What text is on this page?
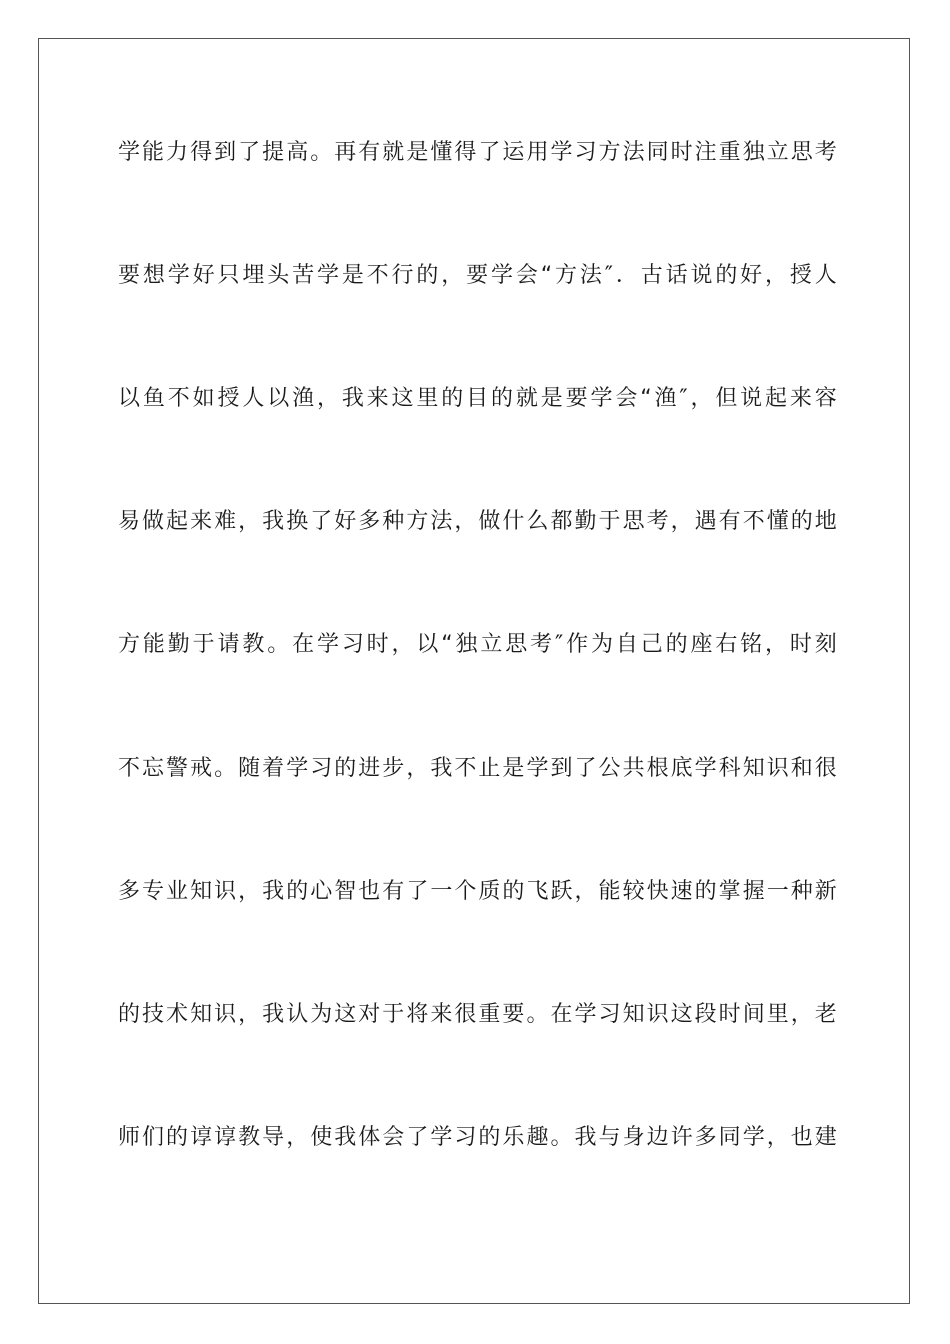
学能力得到了提高。再有就是懂得了运用学习方法同时注重独立思考
要想学好只埋头苦学是不行的，要学会“方法″．古话说的好，授人
以鱼不如授人以渔，我来这里的目的就是要学会“渔″，但说起来容
易做起来难，我换了好多种方法，做什么都勤于思考，遇有不懂的地
方能勤于请教。在学习时，以“独立思考″作为自己的座右铭，时刻
不忘警戒。随着学习的进步，我不止是学到了公共根底学科知识和很
多专业知识，我的心智也有了一个质的飞跃，能较快速的掌握一种新
的技术知识，我认为这对于将来很重要。在学习知识这段时间里，老
师们的谆谆教导，使我体会了学习的乐趣。我与身边许多同学，也建
